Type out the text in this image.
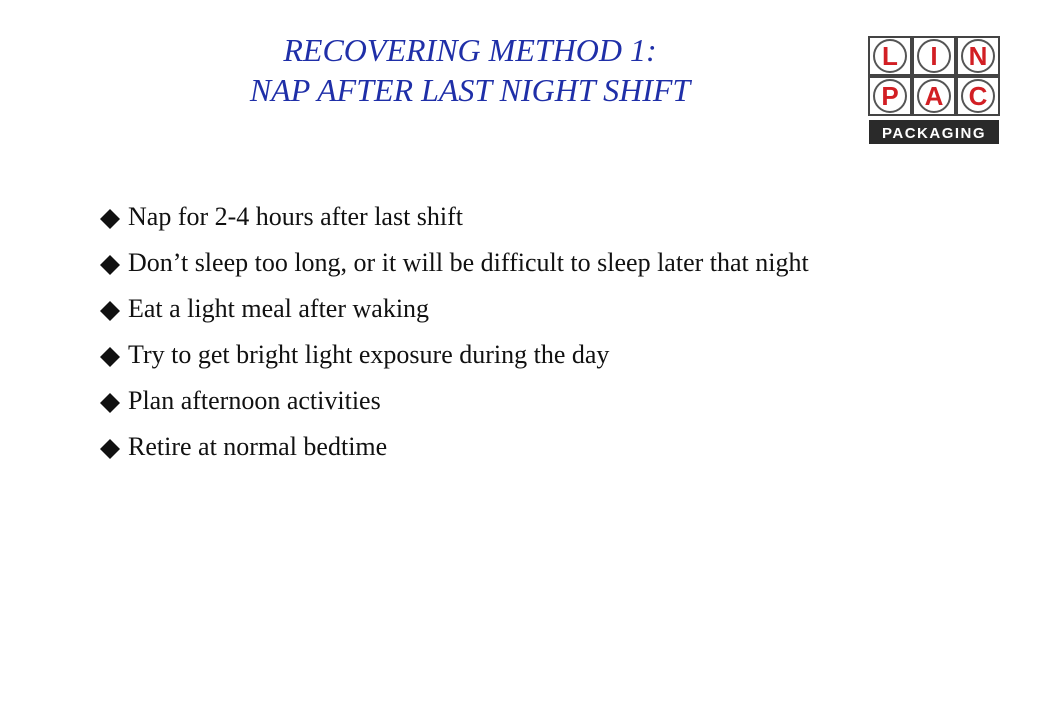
RECOVERING METHOD 1:
NAP AFTER LAST NIGHT SHIFT
L I N
P A C
PACKAGING
Nap for 2-4 hours after last shift
Don’t sleep too long, or it will be difficult to sleep later that night
Eat a light meal after waking
Try to get bright light exposure during the day
Plan afternoon activities
Retire at normal bedtime
